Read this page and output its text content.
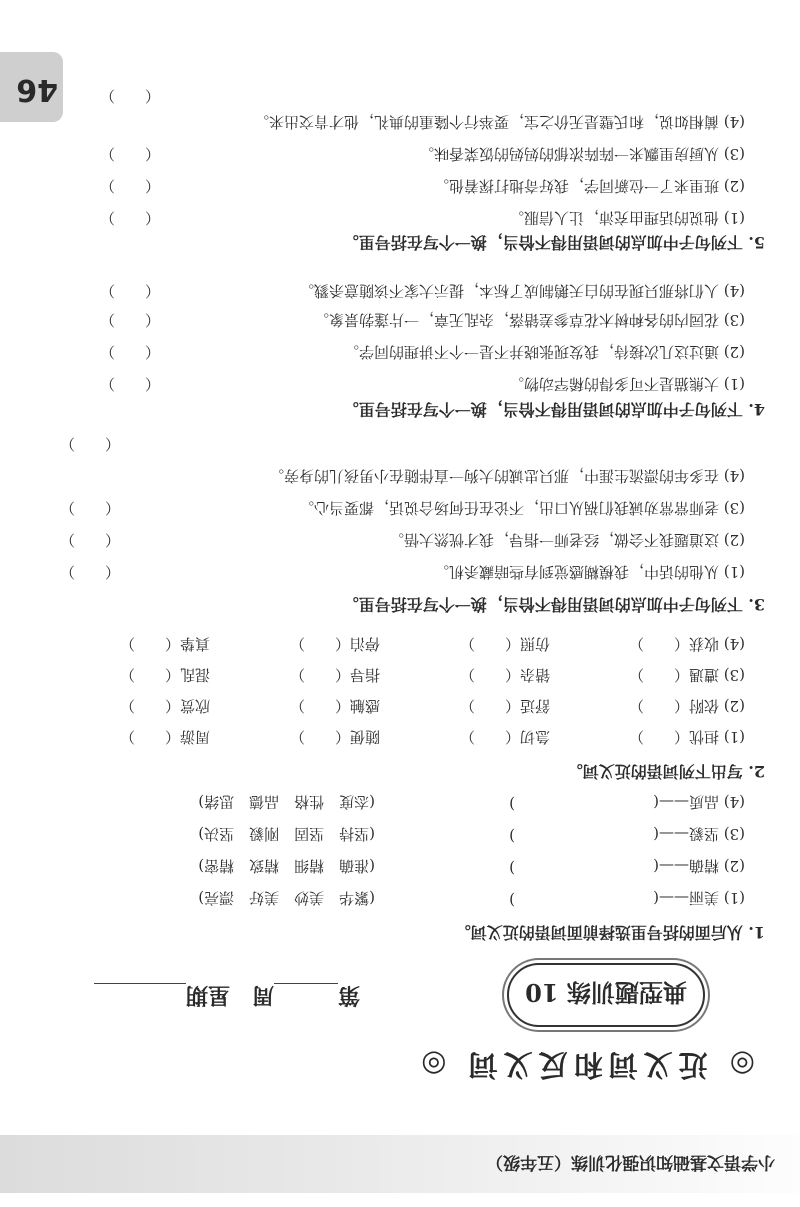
小学语文基础知识强化训练（五年级）
◎ 近义词和反义词 ◎
典型题训练 10
第周　星期
1. 从后面的括号里选择前面词语的近义词。
(1) 美丽——(
)
(繁华　美妙　美好　漂亮)
(2) 精确——(
)
(准确　精细　精致　精密)
(3) 坚毅——(
)
(坚持　坚固　刚毅　坚决)
(4) 品质——(
)
(态度　性格　品德　思绪)
2. 写出下列词语的近义词。
(1) 担忧（　　）
急切（　　）
随便（　　）
周游（　　）
(2) 依附（　　）
舒适（　　）
感触（　　）
欣赏（　　）
(3) 遭遇（　　）
错杂（　　）
指导（　　）
混乱（　　）
(4) 收获（　　）
仿照（　　）
停泊（　　）
真挚（　　）
3. 下列句子中加点的词语用得不恰当，换一个写在括号里。
(1) 从他的话中，我模糊感觉到有些暗藏杀机。
（　　）
(2) 这道题我不会做，经老师一指导，我才恍然大悟。
（　　）
(3) 老师常常劝诫我们祸从口出，不论在任何场合说话，都要当心。
（　　）
(4) 在多年的漂流生涯中，那只忠诚的大狗一直伴随在小男孩儿的身旁。
（　　）
4. 下列句子中加点的词语用得不恰当，换一个写在括号里。
(1) 大熊猫是不可多得的稀罕动物。
（　　）
(2) 通过这几次接待，我发现张晓并不是一个不讲理的同学。
（　　）
(3) 花园内的各种树木花草参差错落，杂乱无章，一片蓬勃景象。
（　　）
(4) 人们将那只现在的白天鹅制成了标本，提示大家不该随意杀戮。
（　　）
5. 下列句子中加点的词语用得不恰当，换一个写在括号里。
(1) 他说的话理由充沛，让人信服。
（　　）
(2) 班里来了一位新同学，我好奇地打探着他。
（　　）
(3) 从厨房里飘来一阵阵浓郁的妈妈的饭菜香味。
（　　）
(4) 蔺相如说，和氏璧是无价之宝，要举行个隆重的典礼，他才肯交出来。
（　　）
46
